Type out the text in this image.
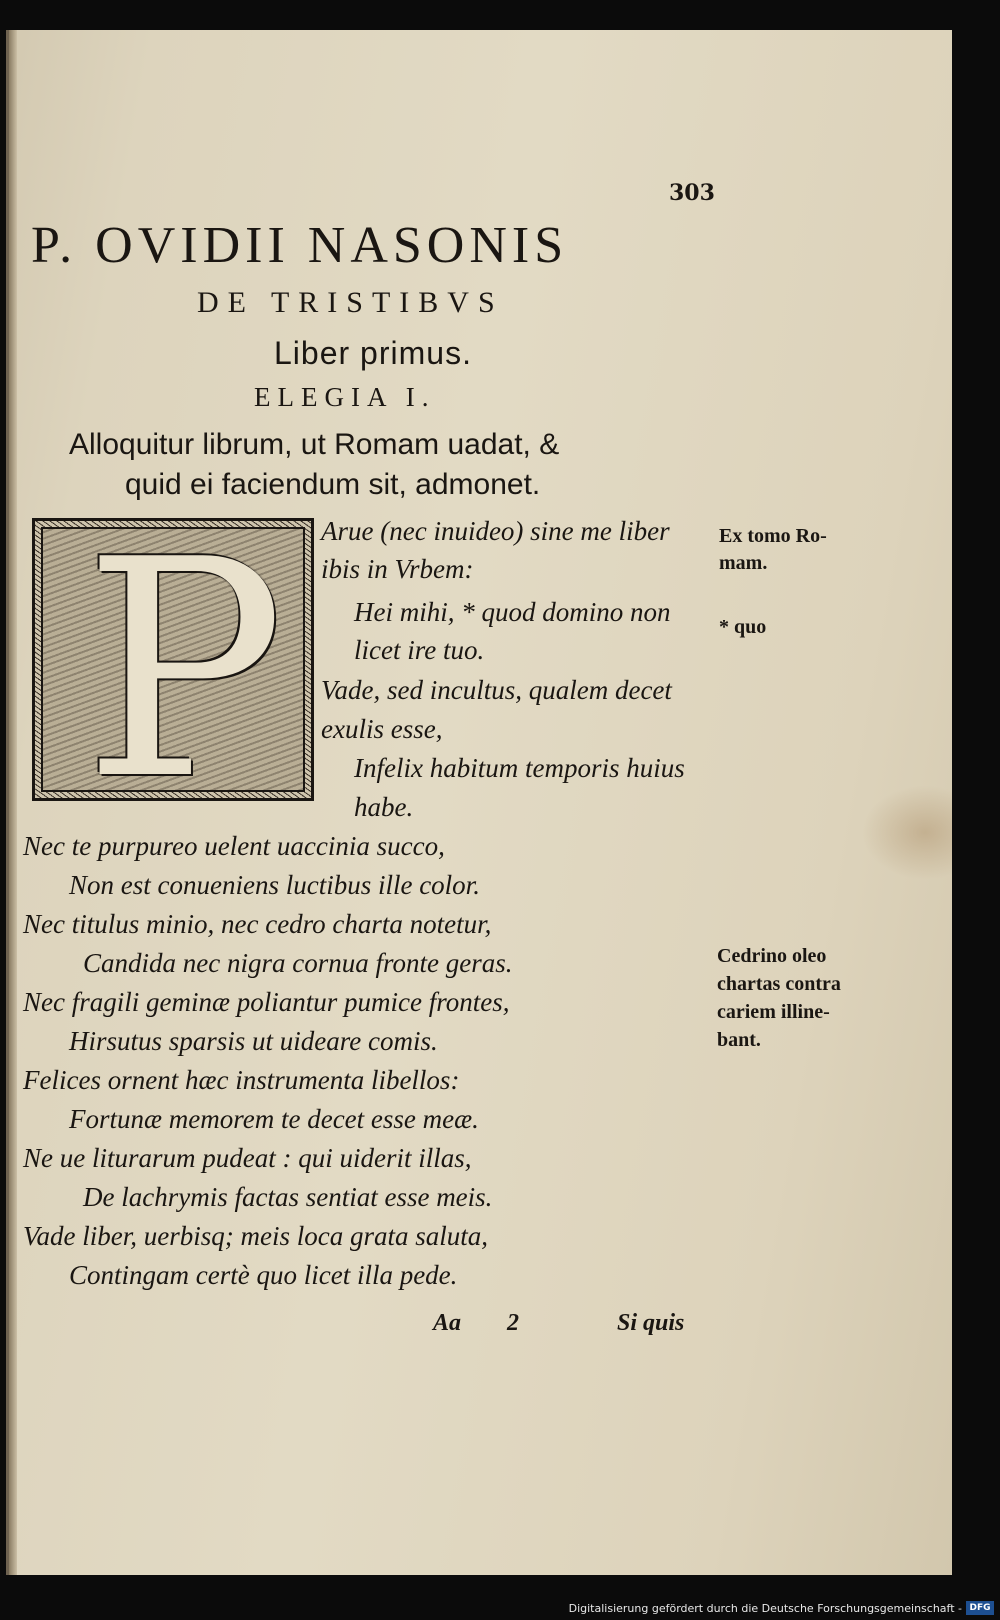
303
P. OVIDII NASONIS
DE TRISTIBVS
Liber primus.
ELEGIA I.
Alloquitur librum, ut Romam uadat, &
quid ei faciendum sit, admonet.
P Arue (nec inuideo) sine me liber
ibis in Vrbem:
Hei mihi, * quod domino non
licet ire tuo.
Vade, sed incultus, qualem decet
exulis esse,
Infelix habitum temporis huius
habe.
Nec te purpureo uelent uaccinia succo,
Non est conueniens luctibus ille color.
Nec titulus minio, nec cedro charta notetur,
Candida nec nigra cornua fronte geras.
Nec fragili geminæ poliantur pumice frontes,
Hirsutus sparsis ut uideare comis.
Felices ornent hæc instrumenta libellos:
Fortunæ memorem te decet esse meæ.
Ne ue liturarum pudeat : qui uiderit illas,
De lachrymis factas sentiat esse meis.
Vade liber, uerbisq; meis loca grata saluta,
Contingam certè quo licet illa pede.
Ex tomo Ro-
mam.
* quo
Cedrino oleo
chartas contra
cariem illine-
bant.
Aa 2	Si quis
Digitalisierung gefördert durch die Deutsche Forschungsgemeinschaft - DFG
